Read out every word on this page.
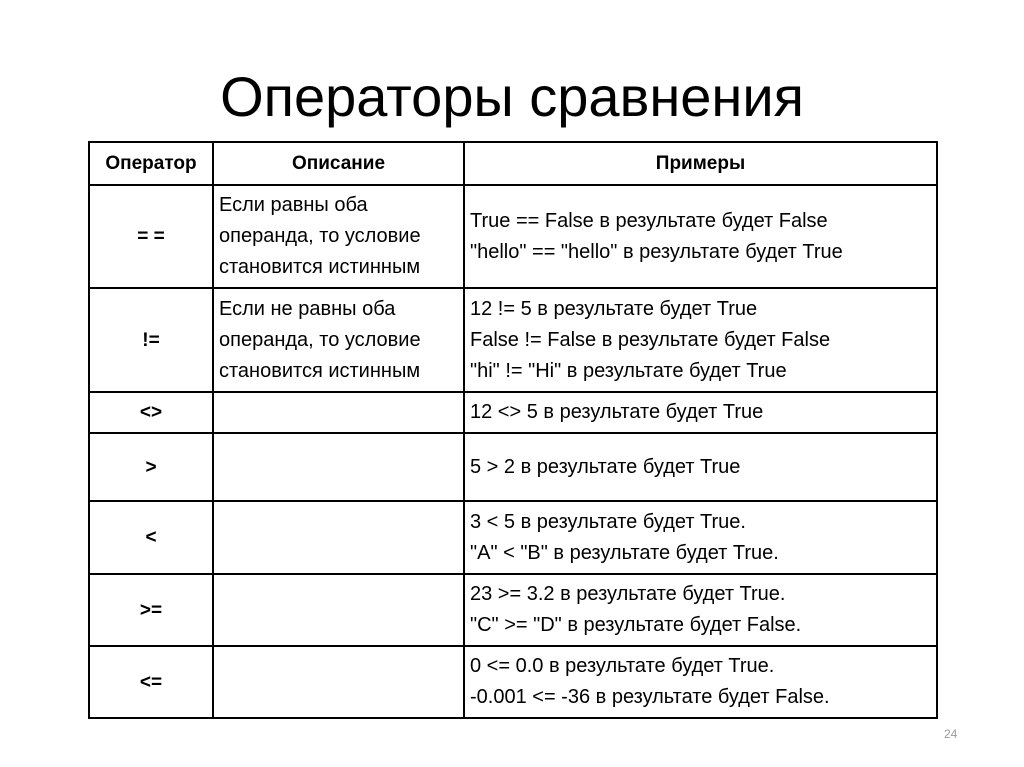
Операторы сравнения
Оператор	Описание	Примеры
= =	Если равны оба
операнда, то условие
становится истинным	True == False в результате будет False
"hello" == "hello" в результате будет True

!=	Если не равны оба
операнда, то условие
становится истинным	12 != 5 в результате будет True
False != False в результате будет False
"hi" != "Hi" в результате будет True

<>		12 <> 5 в результате будет True

>		5 > 2 в результате будет True

<		3 < 5 в результате будет True.
"A" < "B" в результате будет True.

>=		23 >= 3.2 в результате будет True.
"C" >= "D" в результате будет False.

<=		0 <= 0.0 в результате будет True.
-0.001 <= -36 в результате будет False.
24
